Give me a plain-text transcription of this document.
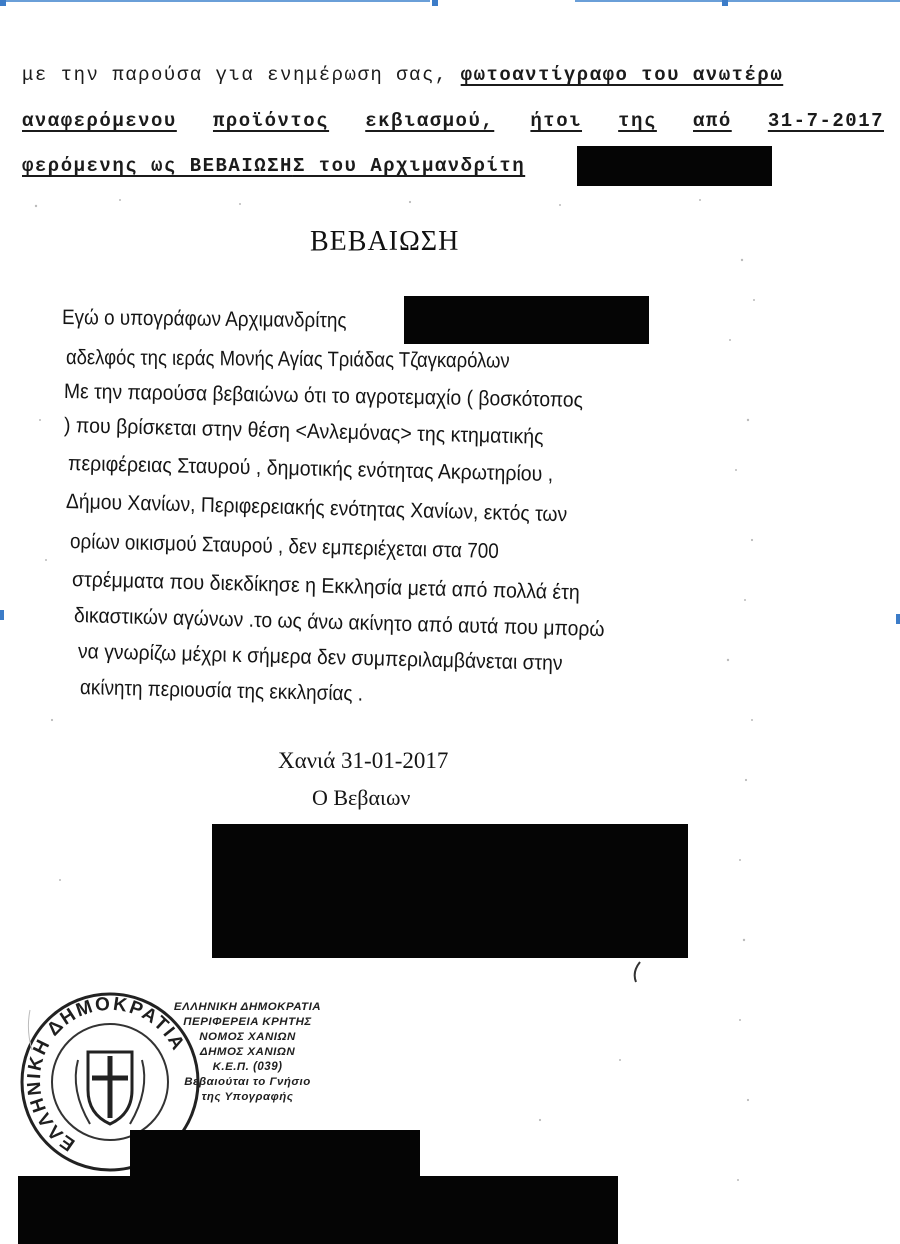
με την παρούσα για ενημέρωση σας, φωτοαντίγραφο του ανωτέρω
αναφερόμενου προϊόντος εκβιασμού, ήτοι της από 31-7-2017
φερόμενης ως ΒΕΒΑΙΩΣΗΣ του Αρχιμανδρίτη
ΒΕΒΑΙΩΣΗ
Εγώ ο υπογράφων Αρχιμανδρίτης
αδελφός της ιεράς Μονής Αγίας Τριάδας Τζαγκαρόλων
Με την παρούσα βεβαιώνω ότι το αγροτεμαχίο ( βοσκότοπος
) που βρίσκεται στην θέση <Ανλεμόνας> της κτηματικής
περιφέρειας Σταυρού , δημοτικής ενότητας Ακρωτηρίου ,
Δήμου Χανίων, Περιφερειακής ενότητας Χανίων, εκτός των
ορίων οικισμού Σταυρού , δεν εμπεριέχεται στα 700
στρέμματα που διεκδίκησε η Εκκλησία μετά από πολλά έτη
δικαστικών αγώνων .το ως άνω ακίνητο από αυτά που μπορώ
να γνωρίζω μέχρι κ σήμερα δεν συμπεριλαμβάνεται στην
ακίνητη περιουσία της εκκλησίας .
Χανιά 31-01-2017
Ο Βεβαιων
ΕΛΛΗΝΙΚΗ ΔΗΜΟΚΡΑΤΙΑ
ΕΛΛΗΝΙΚΗ ΔΗΜΟΚΡΑΤΙΑ
ΠΕΡΙΦΕΡΕΙΑ ΚΡΗΤΗΣ
ΝΟΜΟΣ ΧΑΝΙΩΝ
ΔΗΜΟΣ ΧΑΝΙΩΝ
Κ.Ε.Π. (039)
Βεβαιούται το Γνήσιο
της Υπογραφής
